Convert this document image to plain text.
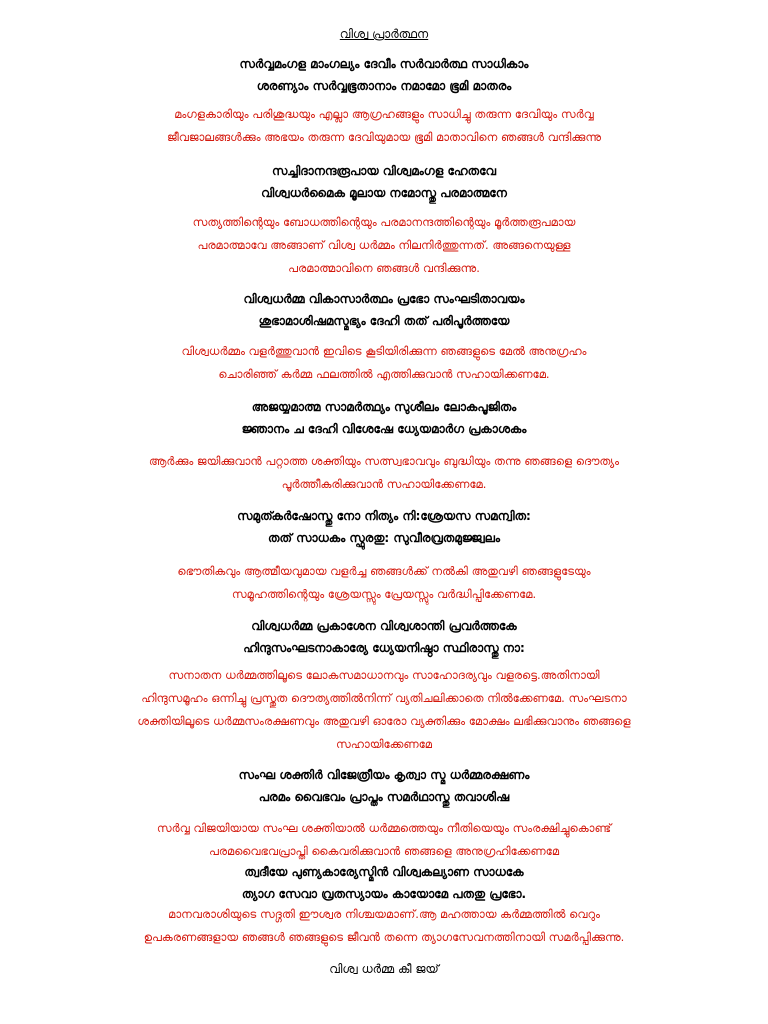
വിശ്വ പ്രാർത്ഥന
സർവ്വമംഗള മാംഗല്യം ദേവീം സർവാർത്ഥ സാധികാം
ശരണ്യാം സർവ്വഭൂതാനാം നമാമോ ഭൂമി മാതരം
മംഗളകാരിയും പരിശുദ്ധയും എല്ലാ ആഗ്രഹങ്ങളും സാധിച്ചു തരുന്ന ദേവിയും സർവ്വ
ജീവജാലങ്ങൾക്കും അഭയം തരുന്ന ദേവിയുമായ ഭൂമി മാതാവിനെ ഞങ്ങൾ വന്ദിക്കുന്നു
സച്ചിദാനന്ദരൂപായ വിശ്വമംഗള ഹേതവേ
വിശ്വധർമൈക മൂലായ നമോസ്തു പരമാത്മനേ
സത്യത്തിന്റെയും ബോധത്തിന്റെയും പരമാനന്ദത്തിന്റെയും മൂർത്തരൂപമായ
പരമാത്മാവേ അങ്ങാണ് വിശ്വ ധർമ്മം നിലനിർത്തുന്നത്. അങ്ങനെയുള്ള
പരമാത്മാവിനെ ഞങ്ങൾ വന്ദിക്കുന്നു.
വിശ്വധർമ്മ വികാസാർത്ഥം പ്രഭോ സംഘടിതാവയം
ശുഭാമാശിഷമസ്മഭ്യം ദേഹി തത് പരിപൂർത്തയേ
വിശ്വധർമ്മം വളർത്തുവാൻ ഇവിടെ കൂടിയിരിക്കുന്ന ഞങ്ങളുടെ മേൽ അനുഗ്രഹം
ചൊരിഞ്ഞ് കർമ്മ ഫലത്തിൽ എത്തിക്കുവാൻ സഹായിക്കണമേ.
അജയ്യമാത്മ സാമർത്ഥ്യം സുശീലം ലോകപൂജിതം
ജ്ഞാനം ച ദേഹി വിശേഷേ ധ്യേയമാർഗ പ്രകാശകം
ആർക്കും ജയിക്കുവാൻ പറ്റാത്ത ശക്തിയും സത്സ്വഭാവവും ബുദ്ധിയും തന്നു ഞങ്ങളെ ദൌത്യം
പൂർത്തീകരിക്കുവാൻ സഹായിക്കേണമേ.
സമുത്കർഷോസ്തു നോ നിത്യം നി:ശ്രേയസ സമന്വിത:
തത് സാധകം സ്ഫുരതു: സുവീരവ്രതമുജ്ജ്വലം
ഭൌതികവും ആത്മീയവുമായ വളർച്ച ഞങ്ങൾക്ക് നൽകി അതുവഴി ഞങ്ങളുടേയും
സമൂഹത്തിന്റെയും ശ്രേയസ്സും പ്രേയസ്സും വർദ്ധിപ്പിക്കേണമേ.
വിശ്വധർമ്മ പ്രകാശേന വിശ്വശാന്തി പ്രവർത്തകേ
ഹിന്ദുസംഘടനാകാര്യേ ധ്യേയനിഷ്ഠാ സ്ഥിരാസ്തു നാ:
സനാതന ധർമ്മത്തിലൂടെ ലോകസമാധാനവും സാഹോദര്യവും വളരട്ടെ.അതിനായി
ഹിന്ദുസമൂഹം ഒന്നിച്ചു പ്രസ്തുത ദൌത്യത്തിൽനിന്ന് വ്യതിചലിക്കാതെ നിൽക്കേണമേ. സംഘടനാ
ശക്തിയിലൂടെ ധർമ്മസംരക്ഷണവും അതുവഴി ഓരോ വ്യക്തിക്കും മോക്ഷം ലഭിക്കുവാനും ഞങ്ങളെ
സഹായിക്കേണമേ
സംഘ ശക്തിർ വിജേത്രീയം കൃത്വാ സ്മ ധർമ്മരക്ഷണം
പരമം വൈഭവം പ്രാപ്തം സമർഥാസ്തു തവാശിഷ
സർവ്വ വിജയിയായ സംഘ ശക്തിയാൽ ധർമ്മത്തെയും നീതിയെയും സംരക്ഷിച്ചുകൊണ്ട്
പരമവൈഭവപ്രാപ്തി കൈവരിക്കുവാൻ ഞങ്ങളെ അനുഗ്രഹിക്കേണമേ
ത്വദീയേ പുണ്യകാര്യേസ്മിൻ വിശ്വകല്യാണ സാധകേ
ത്യാഗ സേവാ വ്രതസ്യായം കായോമേ പതതു പ്രഭോ.
മാനവരാശിയുടെ സദ്ഗതി ഈശ്വര നിശ്ചയമാണ്.ആ മഹത്തായ കർമ്മത്തിൽ വെറും
ഉപകരണങ്ങളായ ഞങ്ങൾ ഞങ്ങളുടെ ജീവൻ തന്നെ ത്യാഗസേവനത്തിനായി സമർപ്പിക്കുന്നു.
വിശ്വ ധർമ്മ കീ ജയ്
